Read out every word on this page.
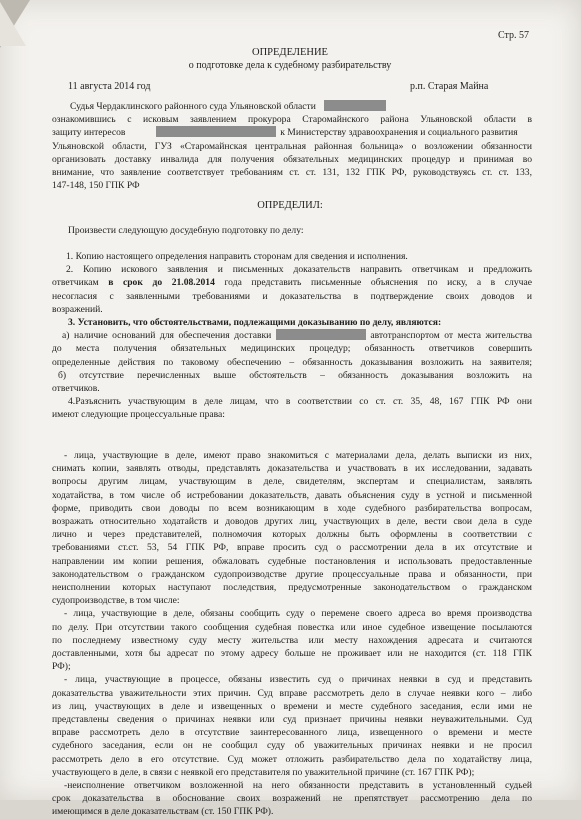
Стр. 57
ОПРЕДЕЛЕНИЕ
о подготовке дела к судебному разбирательству
11 августа 2014 год	р.п. Старая Майна
Судья Чердаклинского районного суда Ульяновской области
ознакомившись с исковым заявлением прокурора Старомайнского района Ульяновской области в
защиту интересов	к Министерству здравоохранения и социального развития
Ульяновской области, ГУЗ «Старомайнская центральная районная больница» о возложении обязанности
организовать доставку инвалида для получения обязательных медицинских процедур и принимая во
внимание, что заявление соответствует требованиям ст. ст. 131, 132 ГПК РФ, руководствуясь ст. ст. 133,
147-148, 150 ГПК РФ
ОПРЕДЕЛИЛ:
Произвести следующую досудебную подготовку по делу:
1. Копию настоящего определения направить сторонам для сведения и исполнения.
2. Копию искового заявления и письменных доказательств направить ответчикам и предложить
ответчикам в срок до 21.08.2014 года представить письменные объяснения по иску, а в случае
несогласия с заявленными требованиями и доказательства в подтверждение своих доводов и
возражений.
3. Установить, что обстоятельствами, подлежащими доказыванию по делу, являются:
а) наличие оснований для обеспечения доставки	автотранспортом от места жительства
до места получения обязательных медицинских процедур; обязанность ответчиков совершить
определенные действия по таковому обеспечению – обязанность доказывания возложить на заявителя;
б) отсутствие перечисленных выше обстоятельств – обязанность доказывания возложить на
ответчиков.
4.Разъяснить участвующим в деле лицам, что в соответствии со ст. ст. 35, 48, 167 ГПК РФ они
имеют следующие процессуальные права:
- лица, участвующие в деле, имеют право знакомиться с материалами дела, делать выписки из них,
снимать копии, заявлять отводы, представлять доказательства и участвовать в их исследовании, задавать
вопросы другим лицам, участвующим в деле, свидетелям, экспертам и специалистам, заявлять
ходатайства, в том числе об истребовании доказательств, давать объяснения суду в устной и письменной
форме, приводить свои доводы по всем возникающим в ходе судебного разбирательства вопросам,
возражать относительно ходатайств и доводов других лиц, участвующих в деле, вести свои дела в суде
лично и через представителей, полномочия которых должны быть оформлены в соответствии с
требованиями ст.ст. 53, 54 ГПК РФ, вправе просить суд о рассмотрении дела в их отсутствие и
направлении им копии решения, обжаловать судебные постановления и использовать предоставленные
законодательством о гражданском судопроизводстве другие процессуальные права и обязанности, при
неисполнении которых наступают последствия, предусмотренные законодательством о гражданском
судопроизводстве, в том числе:
- лица, участвующие в деле, обязаны сообщить суду о перемене своего адреса во время производства
по делу. При отсутствии такого сообщения судебная повестка или иное судебное извещение посылаются
по последнему известному суду месту жительства или месту нахождения адресата и считаются
доставленными, хотя бы адресат по этому адресу больше не проживает или не находится (ст. 118 ГПК
РФ);
- лица, участвующие в процессе, обязаны известить суд о причинах неявки в суд и представить
доказательства уважительности этих причин. Суд вправе рассмотреть дело в случае неявки кого – либо
из лиц, участвующих в деле и извещенных о времени и месте судебного заседания, если ими не
представлены сведения о причинах неявки или суд признает причины неявки неуважительными. Суд
вправе рассмотреть дело в отсутствие заинтересованного лица, извещенного о времени и месте
судебного заседания, если он не сообщил суду об уважительных причинах неявки и не просил
рассмотреть дело в его отсутствие. Суд может отложить разбирательство дела по ходатайству лица,
участвующего в деле, в связи с неявкой его представителя по уважительной причине (ст. 167 ГПК РФ);
-неисполнение ответчиком возложенной на него обязанности представить в установленный судьей
срок доказательства в обоснование своих возражений не препятствует рассмотрению дела по
имеющимся в деле доказательствам (ст. 150 ГПК РФ).
